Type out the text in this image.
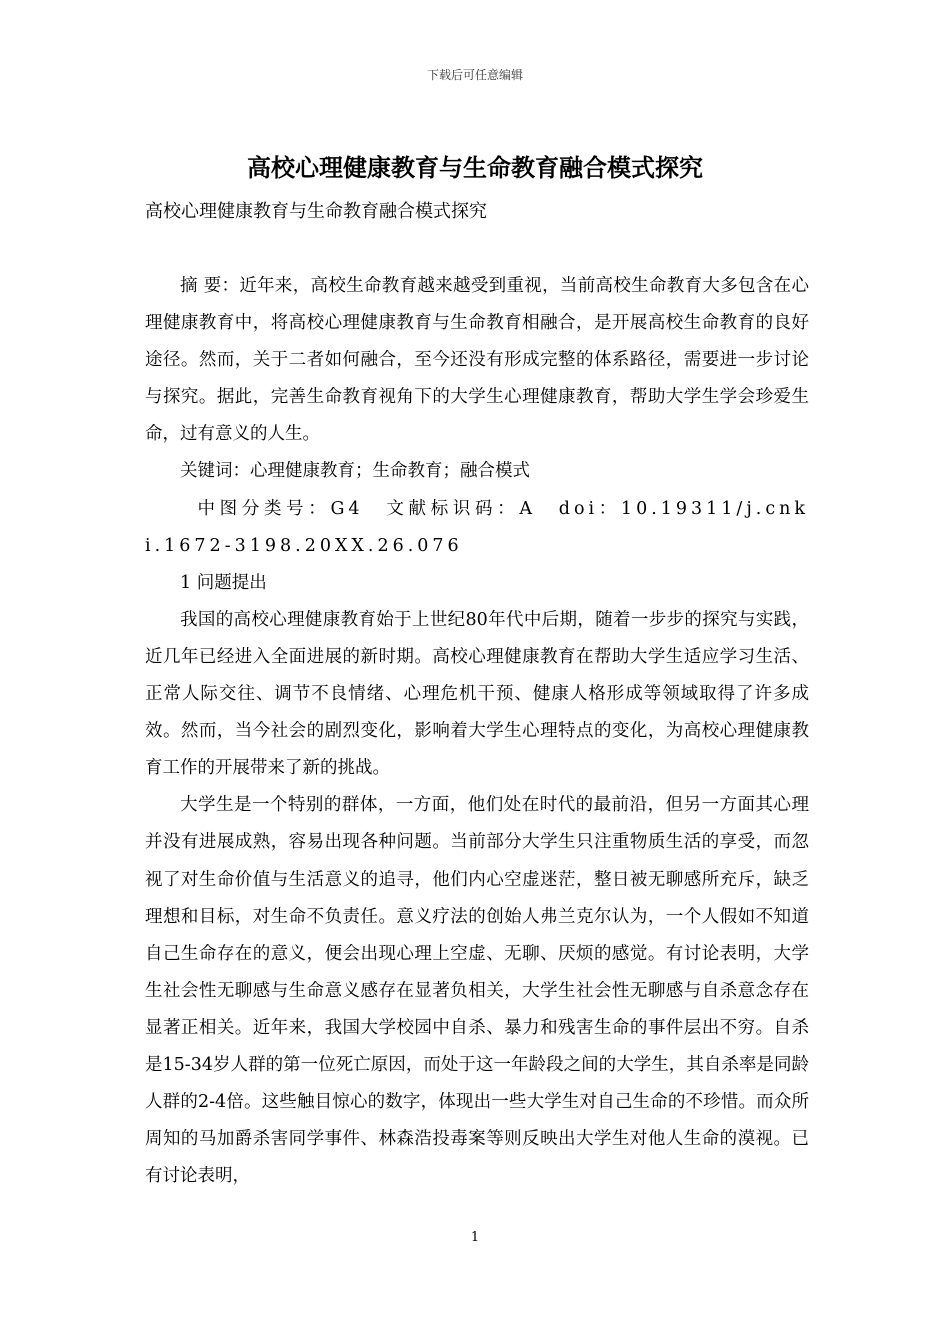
下载后可任意编辑
高校心理健康教育与生命教育融合模式探究
高校心理健康教育与生命教育融合模式探究

摘 要：近年来，高校生命教育越来越受到重视，当前高校生命教育大多包含在心理健康教育中，将高校心理健康教育与生命教育相融合，是开展高校生命教育的良好途径。然而，关于二者如何融合，至今还没有形成完整的体系路径，需要进一步讨论与探究。据此，完善生命教育视角下的大学生心理健康教育，帮助大学生学会珍爱生命，过有意义的人生。

关键词：心理健康教育；生命教育；融合模式

中图分类号：G4　文献标识码：A　doi：10.19311/j.cnki.1672-3198.20XX.26.076

1 问题提出

我国的高校心理健康教育始于上世纪80年代中后期，随着一步步的探究与实践，近几年已经进入全面进展的新时期。高校心理健康教育在帮助大学生适应学习生活、正常人际交往、调节不良情绪、心理危机干预、健康人格形成等领域取得了许多成效。然而，当今社会的剧烈变化，影响着大学生心理特点的变化，为高校心理健康教育工作的开展带来了新的挑战。

大学生是一个特别的群体，一方面，他们处在时代的最前沿，但另一方面其心理并没有进展成熟，容易出现各种问题。当前部分大学生只注重物质生活的享受，而忽视了对生命价值与生活意义的追寻，他们内心空虚迷茫，整日被无聊感所充斥，缺乏理想和目标，对生命不负责任。意义疗法的创始人弗兰克尔认为，一个人假如不知道自己生命存在的意义，便会出现心理上空虚、无聊、厌烦的感觉。有讨论表明，大学生社会性无聊感与生命意义感存在显著负相关，大学生社会性无聊感与自杀意念存在显著正相关。近年来，我国大学校园中自杀、暴力和残害生命的事件层出不穷。自杀是15-34岁人群的第一位死亡原因，而处于这一年龄段之间的大学生，其自杀率是同龄人群的2-4倍。这些触目惊心的数字，体现出一些大学生对自己生命的不珍惜。而众所周知的马加爵杀害同学事件、林森浩投毒案等则反映出大学生对他人生命的漠视。已有讨论表明，

1
